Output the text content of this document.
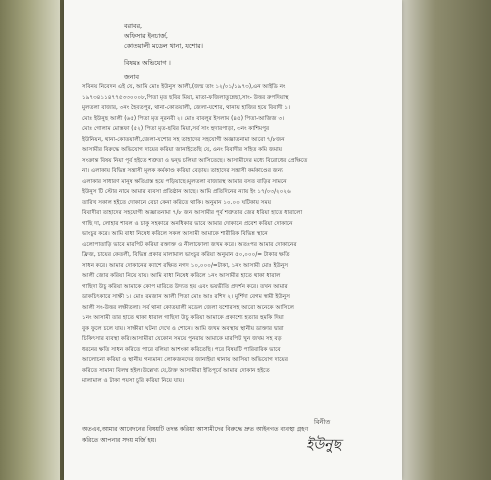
বরাবর,
অফিসার ইনচার্জ,
কোতয়ালী মডেল থানা, যশোর।
বিষয়ঃ অভিযোগ ।
জনাব
সবিনয় নিবেদন এই যে, আমি মোঃ ইউনুস আলী,(জন্ম তাং ১২/০১/১৯৭৩),এন আইডি নং
১৯৭৩৪১১৪৭৭৫৩৩০০০৮,পিতা মৃত ছবির মিয়া, মাতা-ফজিলাতুন্নেছা,সাং- উত্তর রুপদিয়াস্থ
মুলতলা বাজার, ৩নং হৈবতপুর, থানা-কোতয়ালী, জেলা-যশোর, থানায় হাজির হয়ে বিবাদী ১।
মোঃ ইউনুছ আলী (৬৫) পিতা মৃত নূরনবী ২। মোঃ বাবলুর ইসলাম (৪৫) পিতা-আজিজ ৩।
মোঃ গোলাম মোস্তফা (৫২) পিতা মৃত-ছবির মিয়া,সর্ব সাং হুদারপাড়া, ৩নং কাশিমপুর
ইউনিয়ন, থানা-কোতয়ালী,জেলা-যশোর সহ তাহাদের সহযোগী অজ্ঞাতনামা আরো ৭/৮জন
আসামীর বিরুদ্ধে অভিযোগ দায়ের করিয়া জানাইতেছি যে, ওনং বিবাদীর সহিত কমি জমায়
সংক্রান্ত বিষয় নিয়া পূর্ব হইতে শত্রুতা ও দ্বন্দ্ব চলিয়া আসিতেছে। আসামীদের মধ্যে বিরোধের প্রেক্ষিতে
না। এলাকায় বিভিন্ন সন্ত্রাসী মূলক কর্মকাণ্ড করিয়া বেড়ায়। তাহাদের সন্ত্রাসী কর্মকাণ্ডের জন্য
এলাকার সাধারণ মানুষ ক্ষতিগ্রস্ত হয়ে পড়িয়াছে।মুলতলা বাজারস্থ আমার বসত বাড়ির সামনে
ইউনুস টি স্টোর নামে আমার ব্যবসা প্রতিষ্ঠান আছে। আমি প্রতিদিনের ন্যায় ইং ১৭/০৩/২০২৬
তারিখ সকাল হইতে দোকানে বেচা কেনা করিতে থাকি। অনুমান ১০.০০ ঘটিকায় সময়
বিবাদীরা তাহাদের সহযোগী অজ্ঞাতনামা ৭/৮ জন আসামীর পূর্ব শত্রুতার জের ধরিয়া হাতে ধারালো
গাছি দা, লোহার শাবল ও চাকু সহকারে অনধিকার ভাবে আমার দোকানে প্রবেশ করিয়া দোকানে
ভাংচুর করে। আমি বাধা নিষেধ করিলে সকল আসামী আমাকে শারীরিক বিভিন্ন স্থানে
এলোপাতাড়ি ভাবে মারপিট করিয়া রক্তাক্ত ও নীলাফোলা জখম করে। অতঃপর আমার দোকানের
ফ্রিজ, চায়ের কেতলী, বিভিন্ন প্রকার মালামাল ভাংচুর করিয়া অনুমান ৫০,০০০/= টাকার ক্ষতি
সাধন করে। আমার দোকানের ক্যাশে রক্ষিত নগদ ১০,০০০/=টাকা, ১নং আসামী মোঃ ইউনুস
আলী জোর করিয়া নিয়ে যায়। আমি বাধা নিষেধ করিলে ১নং আসামীর হাতে থাকা ধারাল
গাছিদা উচু করিয়া আমাকে কোপ মারিতে উদ্যত হয় এবং ভয়ভীতি প্রদর্শন করে। তখন আমার
ডাকচিৎকারে সাক্ষী ১। মোঃ রমজান আলী পিতা মোঃ আঃ রশিদ ২। মুর্শিদা বেগম স্বামী ইউনুস
আলী সং-উত্তর লক্ষীতলা। সর্ব থানা কোতয়ালী মডেল জেলা যশোরসহ আরো অনেকে আসিলে
১নং আসামী তার হাতে থাকা ধারাল গাছিদা উচু করিয়া আমাকে প্রকাশ্যে হত্যার হুমকি দিয়া
বুক ফুলে চলে যায়। সাক্ষীরা ঘটনা দেখে ও শোনে। আমি জখম অবস্থায় স্থানীয় ডাক্তার দ্বারা
চিকিৎসার ব্যবস্থা করি।আসামীরা যেকোন সময়ে পুনরায় আমাকে মারপিট খুন জখম সহ বড়
ধরনের ক্ষতি সাধন করিতে পারে বলিয়া আশংকা করিতেছি। পরে বিষয়টি পারিবারিক ভাবে
আলোচনা করিয়া ও স্থানীয় গন্যমান্য লোকজনদের জানাইয়া থানায় আসিয়া অভিযোগ দায়ের
করিতে সামান্য বিলম্ব হইল।উল্লেখ্য যে,উক্ত আসামীরা ইতিপূর্বে আমার দোকান হইতে
মালামাল ও টাকা পয়সা চুরি করিয়া নিয়ে যায়।
অতএব,আমার আবেদনের বিষয়টি তদন্ত করিয়া আসামীদের বিরুদ্ধে দ্রুত আইনগত ব্যবস্থা গ্রহণ
করিতে আপনার সদয় মর্জি হয়।
বিনীত
ইউনুছ
